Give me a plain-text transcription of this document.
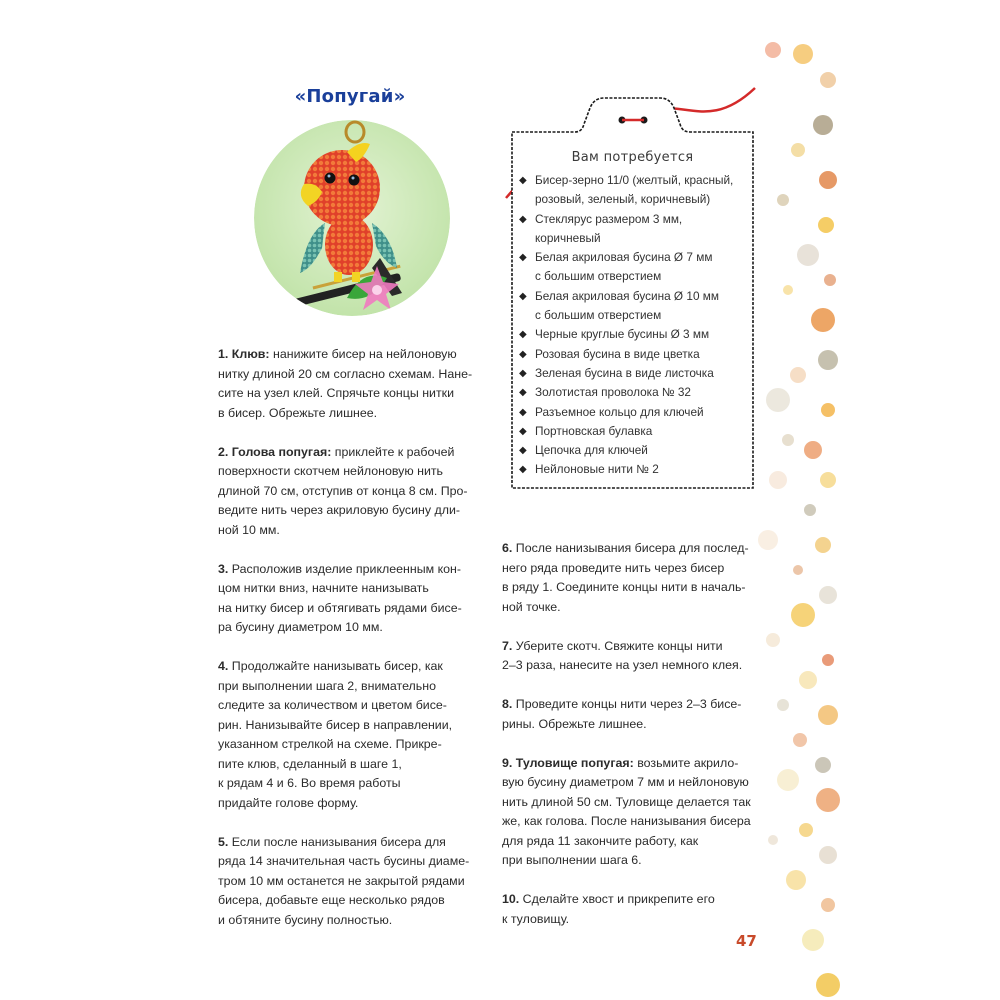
«Попугай»
Вам потребуется
◆ Бисер-зерно 11/0 (желтый, красный,
розовый, зеленый, коричневый)
◆ Стеклярус размером 3 мм,
коричневый
◆ Белая акриловая бусина Ø 7 мм
с большим отверстием
◆ Белая акриловая бусина Ø 10 мм
с большим отверстием
◆ Черные круглые бусины Ø 3 мм
◆ Розовая бусина в виде цветка
◆ Зеленая бусина в виде листочка
◆ Золотистая проволока № 32
◆ Разъемное кольцо для ключей
◆ Портновская булавка
◆ Цепочка для ключей
◆ Нейлоновые нити № 2
1. Клюв: нанижите бисер на нейлоновую
нитку длиной 20 см согласно схемам. Нане-
сите на узел клей. Спрячьте концы нитки
в бисер. Обрежьте лишнее.
2. Голова попугая: приклейте к рабочей
поверхности скотчем нейлоновую нить
длиной 70 см, отступив от конца 8 см. Про-
ведите нить через акриловую бусину дли-
ной 10 мм.
3. Расположив изделие приклеенным кон-
цом нитки вниз, начните нанизывать
на нитку бисер и обтягивать рядами бисе-
ра бусину диаметром 10 мм.
4. Продолжайте нанизывать бисер, как
при выполнении шага 2, внимательно
следите за количеством и цветом бисе-
рин. Нанизывайте бисер в направлении,
указанном стрелкой на схеме. Прикре-
пите клюв, сделанный в шаге 1,
к рядам 4 и 6. Во время работы
придайте голове форму.
5. Если после нанизывания бисера для
ряда 14 значительная часть бусины диаме-
тром 10 мм останется не закрытой рядами
бисера, добавьте еще несколько рядов
и обтяните бусину полностью.
6. После нанизывания бисера для послед-
него ряда проведите нить через бисер
в ряду 1. Соедините концы нити в началь-
ной точке.
7. Уберите скотч. Свяжите концы нити
2–3 раза, нанесите на узел немного клея.
8. Проведите концы нити через 2–3 бисе-
рины. Обрежьте лишнее.
9. Туловище попугая: возьмите акрило-
вую бусину диаметром 7 мм и нейлоновую
нить длиной 50 см. Туловище делается так
же, как голова. После нанизывания бисера
для ряда 11 закончите работу, как
при выполнении шага 6.
10. Сделайте хвост и прикрепите его
к туловищу.
47
